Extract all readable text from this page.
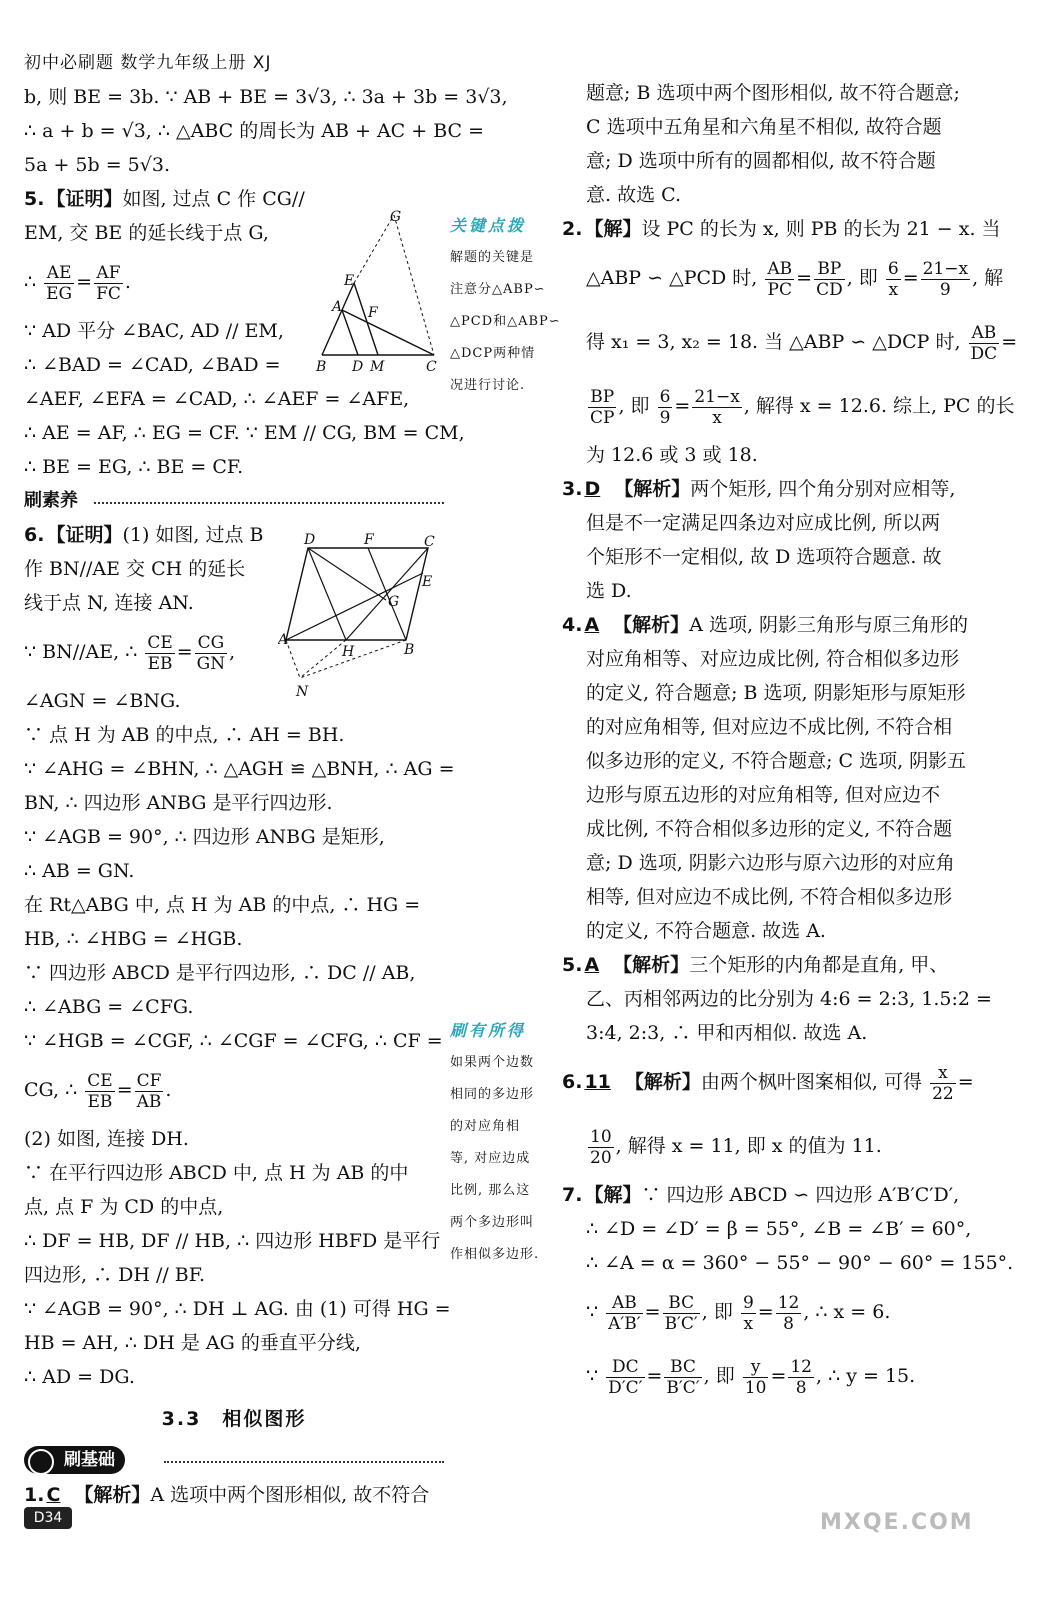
初中必刷题 数学九年级上册 XJ
b, 则 BE = 3b. ∵ AB + BE = 3√3, ∴ 3a + 3b = 3√3,
∴ a + b = √3, ∴ △ABC 的周长为 AB + AC + BC =
5a + 5b = 5√3.
5. 【证明】如图, 过点 C 作 CG//
EM, 交 BE 的延长线于点 G,
∴ $\frac{AE}{EG} = \frac{AF}{FC}$ .
∵ AD 平分 ∠BAC, AD // EM,
∴ ∠BAD = ∠CAD, ∠BAD =
∠AEF, ∠EFA = ∠CAD, ∴ ∠AEF = ∠AFE,
∴ AE = AF, ∴ EG = CF. ∵ EM // CG, BM = CM,
∴ BE = EG, ∴ BE = CF.
刷素养
6. 【证明】(1) 如图, 过点 B
作 BN//AE 交 CH 的延长
线于点 N, 连接 AN.
∵ BN//AE, ∴ $\frac{CE}{EB} = \frac{CG}{GN}$ ,
∠AGN = ∠BNG.
∵ 点 H 为 AB 的中点, ∴ AH = BH.
∵ ∠AHG = ∠BHN, ∴ △AGH ≌ △BNH, ∴ AG =
BN, ∴ 四边形 ANBG 是平行四边形.
∵ ∠AGB = 90°, ∴ 四边形 ANBG 是矩形,
∴ AB = GN.
在 Rt△ABG 中, 点 H 为 AB 的中点, ∴ HG =
HB, ∴ ∠HBG = ∠HGB.
∵ 四边形 ABCD 是平行四边形, ∴ DC // AB,
∴ ∠ABG = ∠CFG.
∵ ∠HGB = ∠CGF, ∴ ∠CGF = ∠CFG, ∴ CF =
CG, ∴ $\frac{CE}{EB} = \frac{CF}{AB}$ .
(2) 如图, 连接 DH.
∵ 在平行四边形 ABCD 中, 点 H 为 AB 的中
点, 点 F 为 CD 的中点,
∴ DF = HB, DF // HB, ∴ 四边形 HBFD 是平行
四边形, ∴ DH // BF.
∵ ∠AGB = 90°, ∴ DH ⊥ AG. 由 (1) 可得 HG =
HB = AH, ∴ DH 是 AG 的垂直平分线,
∴ AD = DG.
3.3　相似图形
刷基础
1. C 【解析】A 选项中两个图形相似, 故不符合
G
E
A F
B D M	C
D	F	C
E
G
A
H	B
N
关键点拨
解题的关键是
注意分△ABP∽
△PCD和△ABP∽
△DCP两种情
况进行讨论.
刷有所得
如果两个边数
相同的多边形
的对应角相
等, 对应边成
比例, 那么这
两个多边形叫
作相似多边形.
题意; B 选项中两个图形相似, 故不符合题意;
C 选项中五角星和六角星不相似, 故符合题
意; D 选项中所有的圆都相似, 故不符合题
意. 故选 C.
2. 【解】设 PC 的长为 x, 则 PB 的长为 21 − x. 当
△ABP ∽ △PCD 时, $\frac{AB}{PC} = \frac{BP}{CD}$ , 即 $\frac{6}{x} = \frac{21-x}{9}$ , 解
得 x₁ = 3, x₂ = 18. 当 △ABP ∽ △DCP 时, $\frac{AB}{DC}$ =
$\frac{BP}{CP}$ , 即 $\frac{6}{9} = \frac{21-x}{x}$ , 解得 x = 12.6. 综上, PC 的长
为 12.6 或 3 或 18.
3. D 【解析】两个矩形, 四个角分别对应相等,
但是不一定满足四条边对应成比例, 所以两
个矩形不一定相似, 故 D 选项符合题意. 故
选 D.
4. A 【解析】A 选项, 阴影三角形与原三角形的
对应角相等、对应边成比例, 符合相似多边形
的定义, 符合题意; B 选项, 阴影矩形与原矩形
的对应角相等, 但对应边不成比例, 不符合相
似多边形的定义, 不符合题意; C 选项, 阴影五
边形与原五边形的对应角相等, 但对应边不
成比例, 不符合相似多边形的定义, 不符合题
意; D 选项, 阴影六边形与原六边形的对应角
相等, 但对应边不成比例, 不符合相似多边形
的定义, 不符合题意. 故选 A.
5. A 【解析】三个矩形的内角都是直角, 甲、
乙、丙相邻两边的比分别为 4:6 = 2:3, 1.5:2 =
3:4, 2:3, ∴ 甲和丙相似. 故选 A.
6. 11 【解析】由两个枫叶图案相似, 可得 $\frac{x}{22}$ =
$\frac{10}{20}$ , 解得 x = 11, 即 x 的值为 11.
7. 【解】∵ 四边形 ABCD ∽ 四边形 A′B′C′D′,
∴ ∠D = ∠D′ = β = 55°, ∠B = ∠B′ = 60°,
∴ ∠A = α = 360° − 55° − 90° − 60° = 155°.
∵ $\frac{AB}{A'B'} = \frac{BC}{B'C'}$ , 即 $\frac{9}{x} = \frac{12}{8}$ , ∴ x = 6.
∵ $\frac{DC}{D'C'} = \frac{BC}{B'C'}$ , 即 $\frac{y}{10} = \frac{12}{8}$ , ∴ y = 15.
D34	MXQE.COM
